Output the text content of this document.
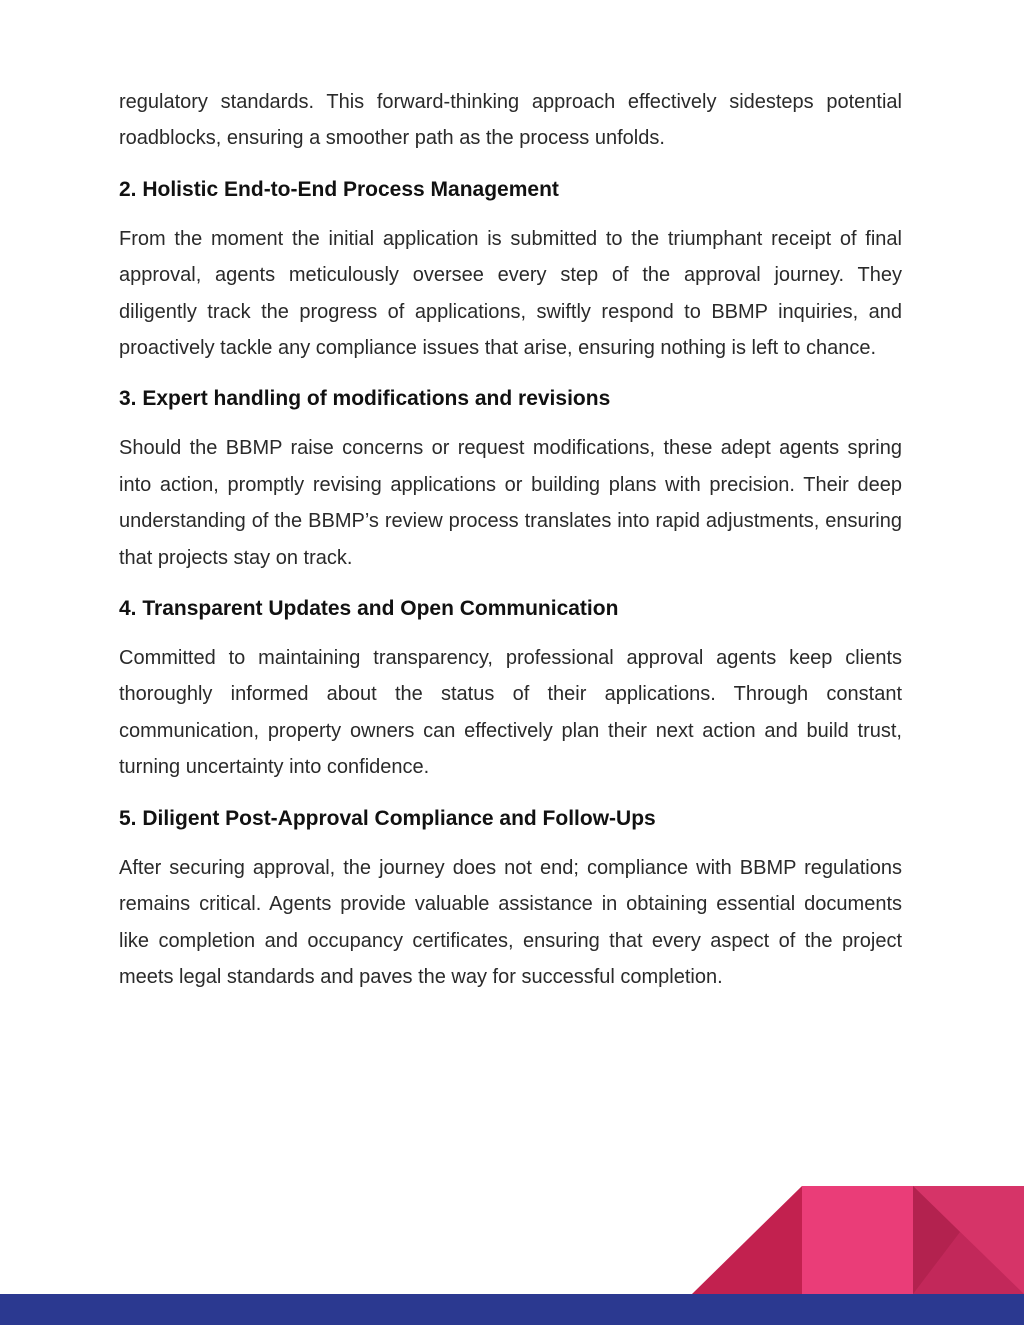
regulatory standards. This forward-thinking approach effectively sidesteps potential roadblocks, ensuring a smoother path as the process unfolds.

2. Holistic End-to-End Process Management

From the moment the initial application is submitted to the triumphant receipt of final approval, agents meticulously oversee every step of the approval journey. They diligently track the progress of applications, swiftly respond to BBMP inquiries, and proactively tackle any compliance issues that arise, ensuring nothing is left to chance.

3. Expert handling of modifications and revisions

Should the BBMP raise concerns or request modifications, these adept agents spring into action, promptly revising applications or building plans with precision. Their deep understanding of the BBMP’s review process translates into rapid adjustments, ensuring that projects stay on track.

4. Transparent Updates and Open Communication

Committed to maintaining transparency, professional approval agents keep clients thoroughly informed about the status of their applications. Through constant communication, property owners can effectively plan their next action and build trust, turning uncertainty into confidence.

5. Diligent Post-Approval Compliance and Follow-Ups

After securing approval, the journey does not end; compliance with BBMP regulations remains critical. Agents provide valuable assistance in obtaining essential documents like completion and occupancy certificates, ensuring that every aspect of the project meets legal standards and paves the way for successful completion.
